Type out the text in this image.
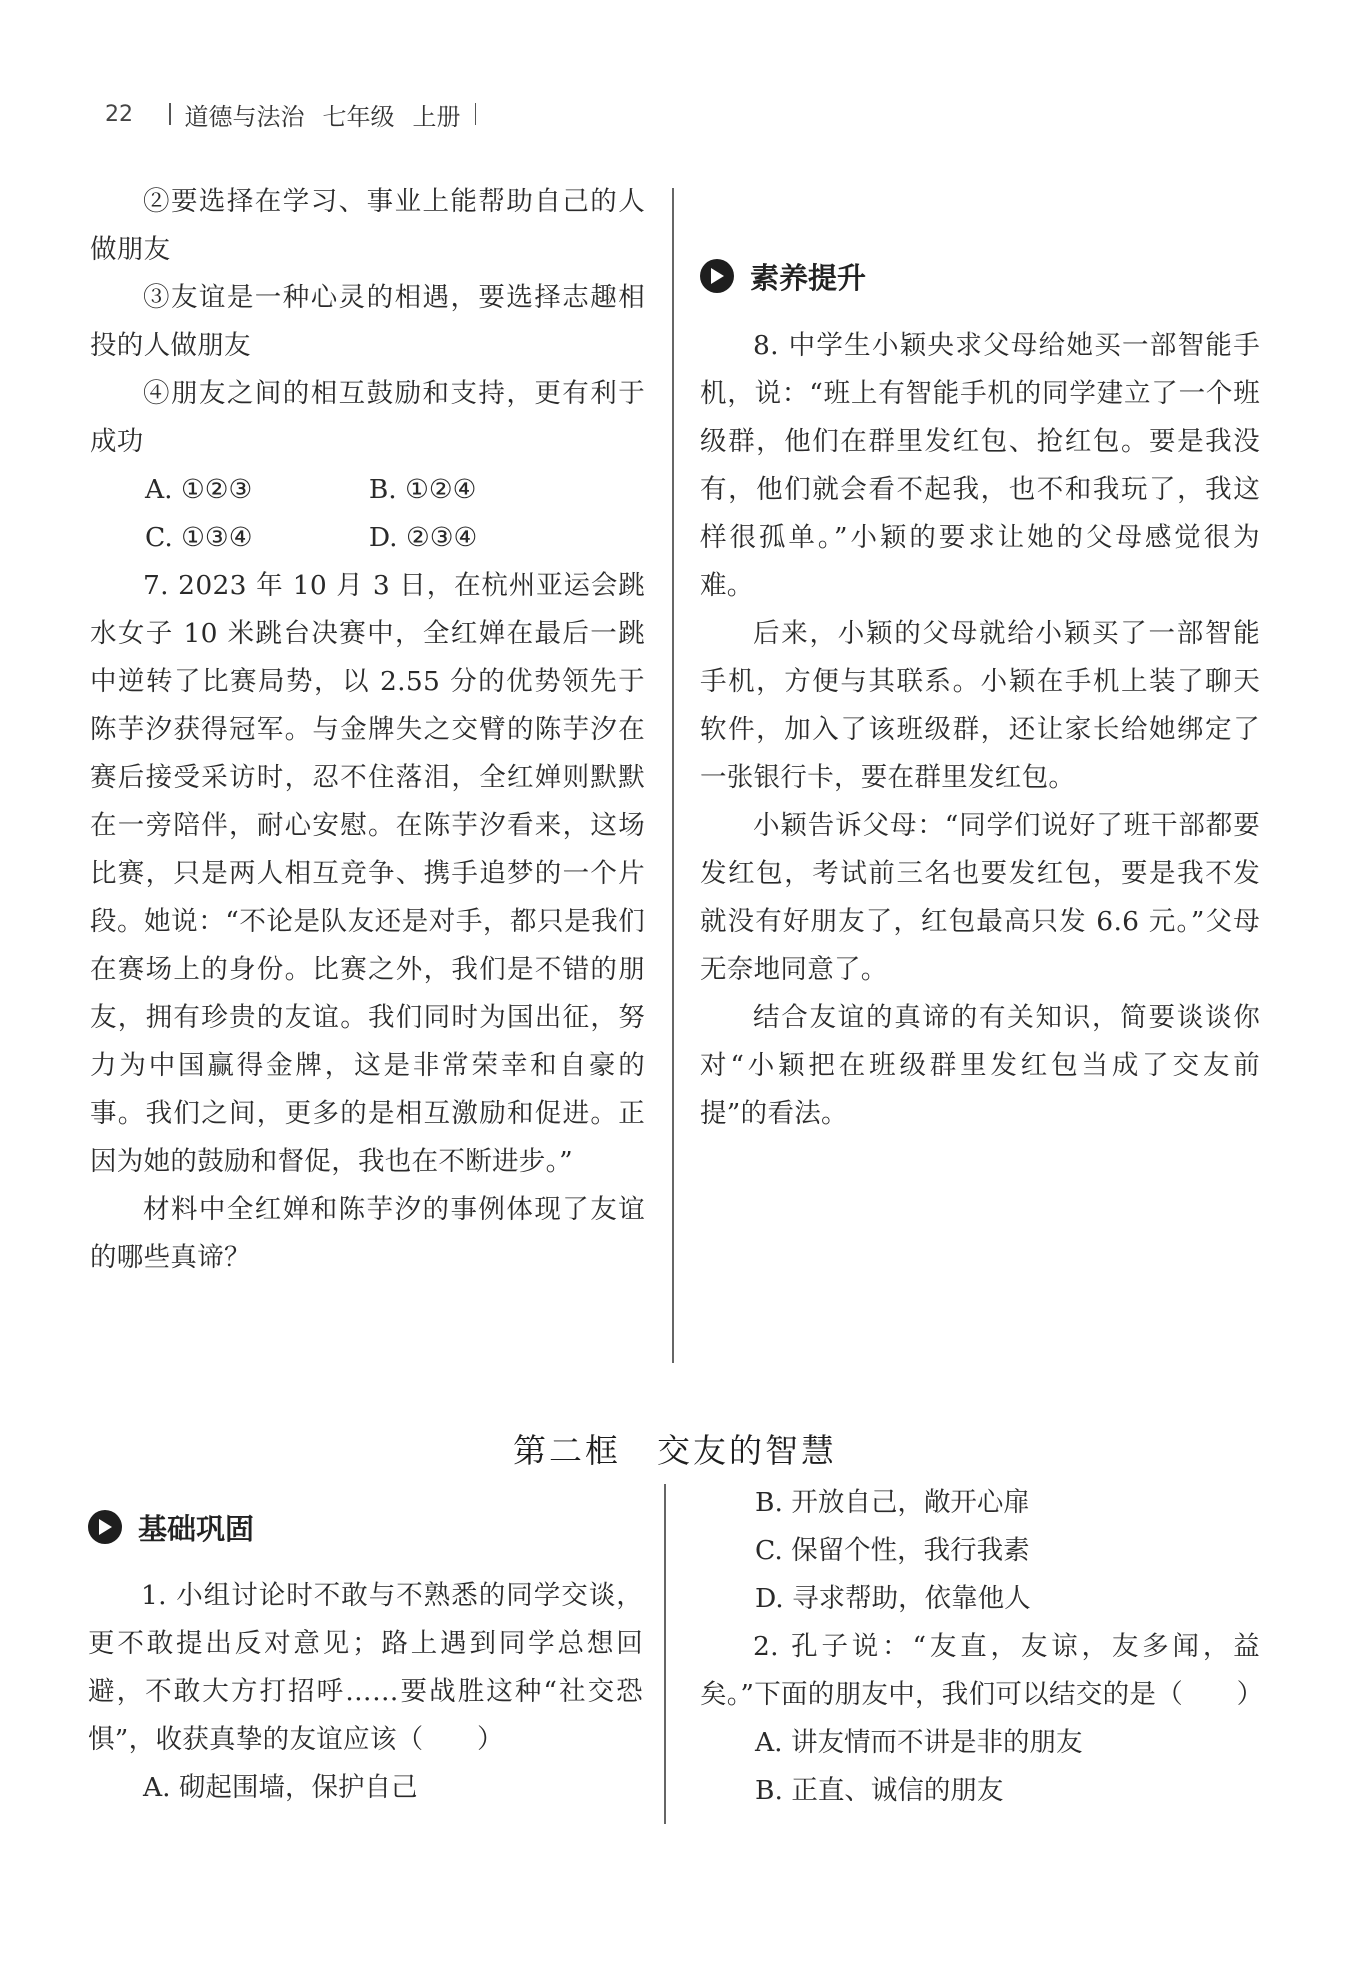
22 道德与法治 七年级 上册

②要选择在学习、事业上能帮助自己的人做朋友

③友谊是一种心灵的相遇，要选择志趣相投的人做朋友

④朋友之间的相互鼓励和支持，更有利于成功

A. ①②③	B. ①②④
C. ①③④	D. ②③④

7. 2023 年 10 月 3 日，在杭州亚运会跳水女子 10 米跳台决赛中，全红婵在最后一跳中逆转了比赛局势，以 2.55 分的优势领先于陈芋汐获得冠军。与金牌失之交臂的陈芋汐在赛后接受采访时，忍不住落泪，全红婵则默默在一旁陪伴，耐心安慰。在陈芋汐看来，这场比赛，只是两人相互竞争、携手追梦的一个片段。她说：“不论是队友还是对手，都只是我们在赛场上的身份。比赛之外，我们是不错的朋友，拥有珍贵的友谊。我们同时为国出征，努力为中国赢得金牌，这是非常荣幸和自豪的事。我们之间，更多的是相互激励和促进。正因为她的鼓励和督促，我也在不断进步。”

材料中全红婵和陈芋汐的事例体现了友谊的哪些真谛？

素养提升

8. 中学生小颖央求父母给她买一部智能手机，说：“班上有智能手机的同学建立了一个班级群，他们在群里发红包、抢红包。要是我没有，他们就会看不起我，也不和我玩了，我这样很孤单。”小颖的要求让她的父母感觉很为难。

后来，小颖的父母就给小颖买了一部智能手机，方便与其联系。小颖在手机上装了聊天软件，加入了该班级群，还让家长给她绑定了一张银行卡，要在群里发红包。

小颖告诉父母：“同学们说好了班干部都要发红包，考试前三名也要发红包，要是我不发就没有好朋友了，红包最高只发 6.6 元。”父母无奈地同意了。

结合友谊的真谛的有关知识，简要谈谈你对“小颖把在班级群里发红包当成了交友前提”的看法。

第二框　交友的智慧
基础巩固

1. 小组讨论时不敢与不熟悉的同学交谈，更不敢提出反对意见；路上遇到同学总想回避，不敢大方打招呼……要战胜这种“社交恐惧”，收获真挚的友谊应该（　　）

A. 砌起围墙，保护自己
B. 开放自己，敞开心扉
C. 保留个性，我行我素
D. 寻求帮助，依靠他人

2. 孔子说：“友直，友谅，友多闻，益矣。”下面的朋友中，我们可以结交的是（　　）

A. 讲友情而不讲是非的朋友
B. 正直、诚信的朋友
